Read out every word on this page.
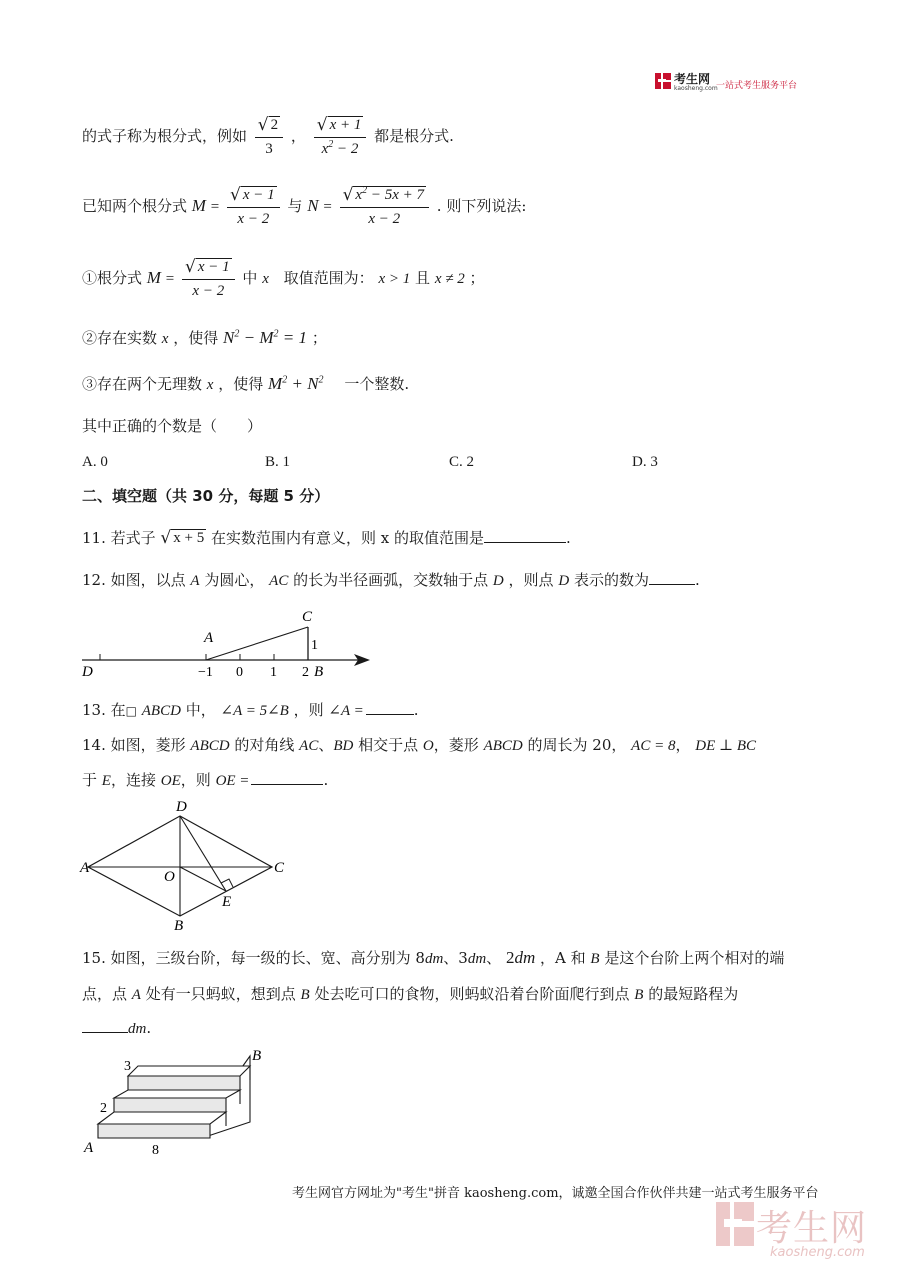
考生网
kaosheng.com
一站式考生服务平台
的式子称为根分式，例如 $\frac{√ 2}{3}$ ， $\frac{√ x + 1}{x^2 - 2}$ 都是根分式.
已知两个根分式 $M = \frac{√ x - 1}{x - 2}$ 与 $N = \frac{√ x^2 - 5x + 7}{x - 2}$ . 则下列说法:
①根分式 $M = \frac{√ x - 1}{x - 2}$ 中 x 取值范围为： x > 1 且 x ≠ 2 ；
②存在实数 x ，使得 $N^2 - M^2 = 1$ ；
③存在两个无理数 x ，使得 $M^2 + N^2$ 一个整数.
其中正确的个数是（　　）
A. 0	B. 1	C. 2	D. 3
二、填空题（共 30 分，每题 5 分）
11. 若式子 √ x + 5 在实数范围内有意义，则 x 的取值范围是	.
12. 如图，以点 A 为圆心， AC 的长为半径画弧，交数轴于点 D ，则点 D 表示的数为	.
C
A	1
D	−1 0 1 2 B
13. 在□ ABCD 中， ∠A = 5∠B ，则 ∠A =	.
14. 如图，菱形 ABCD 的对角线 AC、BD 相交于点 O，菱形 ABCD 的周长为 20， AC = 8， DE ⊥ BC
于 E，连接 OE，则 OE =	.
D
A	C
O
E
B
15. 如图，三级台阶，每一级的长、宽、高分别为 8dm、3dm、 2dm ，A 和 B 是这个台阶上两个相对的端
点，点 A 处有一只蚂蚁，想到点 B 处去吃可口的食物，则蚂蚁沿着台阶面爬行到点 B 的最短路程为
dm.
3
B
2
A	8
考生网官方网址为"考生"拼音 kaosheng.com，诚邀全国合作伙伴共建一站式考生服务平台
考生网
kaosheng.com
